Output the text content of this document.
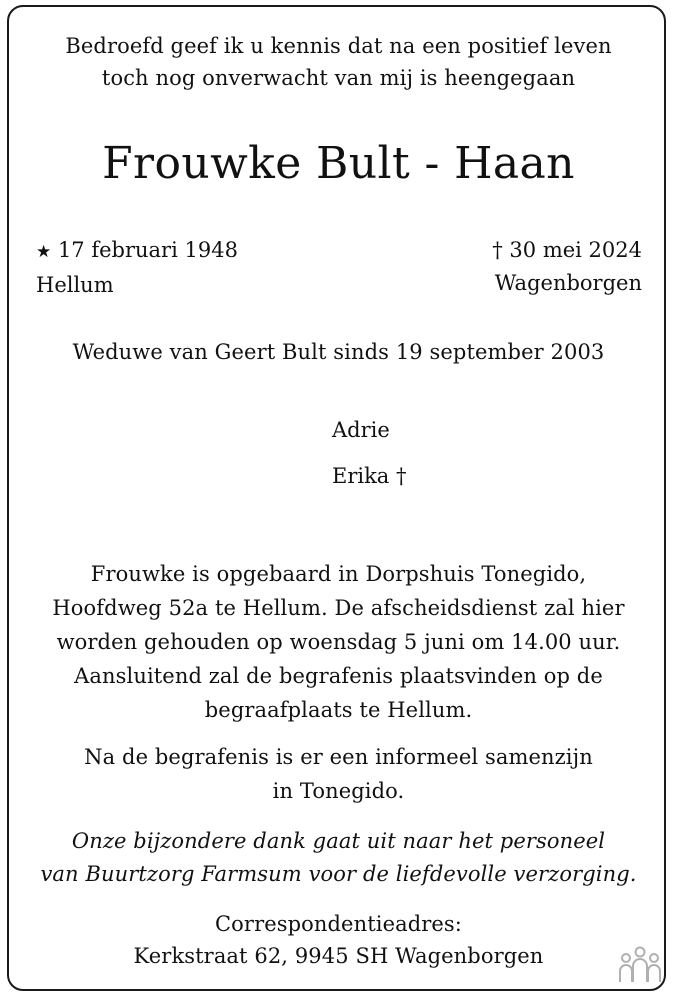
Bedroefd geef ik u kennis dat na een positief leven
toch nog onverwacht van mij is heengegaan
Frouwke Bult - Haan
★ 17 februari 1948
Hellum
† 30 mei 2024
Wagenborgen
Weduwe van Geert Bult sinds 19 september 2003
Adrie
Erika †
Frouwke is opgebaard in Dorpshuis Tonegido,
Hoofdweg 52a te Hellum. De afscheidsdienst zal hier
worden gehouden op woensdag 5 juni om 14.00 uur.
Aansluitend zal de begrafenis plaatsvinden op de
begraafplaats te Hellum.
Na de begrafenis is er een informeel samenzijn
in Tonegido.
Onze bijzondere dank gaat uit naar het personeel
van Buurtzorg Farmsum voor de liefdevolle verzorging.
Correspondentieadres:
Kerkstraat 62, 9945 SH Wagenborgen
